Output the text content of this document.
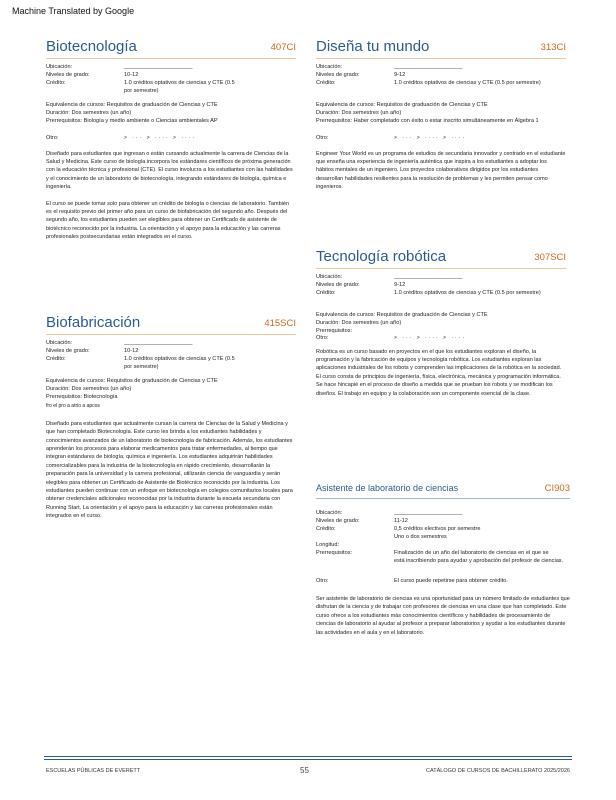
Machine Translated by Google
Biotecnología	407CI
Ubicación:	______________________
Niveles de grado:	10-12
Crédito:	1.0 créditos optativos de ciencias y CTE (0.5
	por semestre)
Equivalencia de cursos: Requisitos de graduación de Ciencias y CTE
Duración: Dos semestres (un año)
Prerrequisitos: Biología y medio ambiente o Ciencias ambientales AP
Otro:	> ··· > ···· > ····
Diseñado para estudiantes que ingresan o están cursando actualmente la carrera de Ciencias de la Salud y Medicina. Este curso de biología incorpora los estándares científicos de próxima generación con la educación técnica y profesional (CTE). El curso involucra a los estudiantes con las habilidades y el conocimiento de un laboratorio de biotecnología, integrando estándares de biología, química e ingeniería.
El curso se puede tomar solo para obtener un crédito de biología o ciencias de laboratorio. También es el requisito previo del primer año para un curso de biofabricación del segundo año. Después del segundo año, los estudiantes pueden ser elegibles para obtener un Certificado de asistente de biotécnico reconocido por la industria. La orientación y el apoyo para la educación y las carreras profesionales postsecundarias están integrados en el curso.
Biofabricación	415SCI
Ubicación:	______________________
Niveles de grado:	10-12
Crédito:	1.0 créditos optativos de ciencias y CTE (0.5
	por semestre)
Equivalencia de cursos: Requisitos de graduación de Ciencias y CTE
Duración: Dos semestres (un año)
Prerrequisitos: Biotecnología
fro el pro a atrio a apcos
Diseñado para estudiantes que actualmente cursan la carrera de Ciencias de la Salud y Medicina y que han completado Biotecnología. Este curso les brinda a los estudiantes habilidades y conocimientos avanzados de un laboratorio de biotecnología de fabricación. Además, los estudiantes aprenderán los procesos para elaborar medicamentos para tratar enfermedades, al tiempo que integran estándares de biología, química e ingeniería. Los estudiantes adquirirán habilidades comercializables para la industria de la biotecnología en rápido crecimiento, desarrollarán la preparación para la universidad y la carrera profesional, utilizarán ciencia de vanguardia y serán elegibles para obtener un Certificado de Asistente de Biotécnico reconocido por la industria. Los estudiantes pueden continuar con un enfoque en biotecnología en colegios comunitarios locales para obtener credenciales adicionales reconocidas por la industria durante la escuela secundaria con Running Start. La orientación y el apoyo para la educación y las carreras profesionales están integrados en el curso.
Diseña tu mundo	313CI
Ubicación:	______________________
Niveles de grado:	9-12
Crédito:	1.0 créditos optativos de ciencias y CTE (0.5 por semestre)
Equivalencia de cursos: Requisitos de graduación de Ciencias y CTE
Duración: Dos semestres (un año)
Prerrequisitos: Haber completado con éxito o estar inscrito simultáneamente en Álgebra 1
Otro:	> ··· > ···· > ····
Engineer Your World es un programa de estudios de secundaria innovador y centrado en el estudiante que enseña una experiencia de ingeniería auténtica que inspira a los estudiantes a adoptar los hábitos mentales de un ingeniero. Los proyectos colaborativos dirigidos por los estudiantes desarrollan habilidades resilientes para la resolución de problemas y les permiten pensar como ingenieros.
Tecnología robótica	307SCI
Ubicación:	______________________
Niveles de grado:	9-12
Crédito:	1.0 créditos optativos de ciencias y CTE (0.5 por semestre)
Equivalencia de cursos: Requisitos de graduación de Ciencias y CTE
Duración: Dos semestres (un año)
Prerrequisitos:
Otro:	> ··· > ···· > ····
Robótica es un curso basado en proyectos en el que los estudiantes exploran el diseño, la programación y la fabricación de equipos y tecnología robótica. Los estudiantes exploran las aplicaciones industriales de los robots y comprenden las implicaciones de la robótica en la sociedad. El curso consta de principios de ingeniería, física, electrónica, mecánica y programación informática. Se hace hincapié en el proceso de diseño a medida que se prueban los robots y se modifican los diseños. El trabajo en equipo y la colaboración son un componente esencial de la clase.
Asistente de laboratorio de ciencias	CI903
Ubicación:	______________________
Niveles de grado:	11-12
Crédito:	0,5 créditos electivos por semestre
	Uno o dos semestres
Longitud:	
Prerrequisitos:	Finalización de un año del laboratorio de ciencias en el que se
	está inscribiendo para ayudar y aprobación del profesor de ciencias.
Otro:	El curso puede repetirse para obtener crédito.
Ser asistente de laboratorio de ciencias es una oportunidad para un número limitado de estudiantes que disfrutan de la ciencia y de trabajar con profesores de ciencias en una clase que han completado. Este curso ofrece a los estudiantes más conocimientos científicos y habilidades de procesamiento de ciencias de laboratorio al ayudar al profesor a preparar laboratorios y ayudar a los estudiantes durante las actividades en el aula y en el laboratorio.
ESCUELAS PÚBLICAS DE EVERETT	55	CATÁLOGO DE CURSOS DE BACHILLERATO 2025/2026
